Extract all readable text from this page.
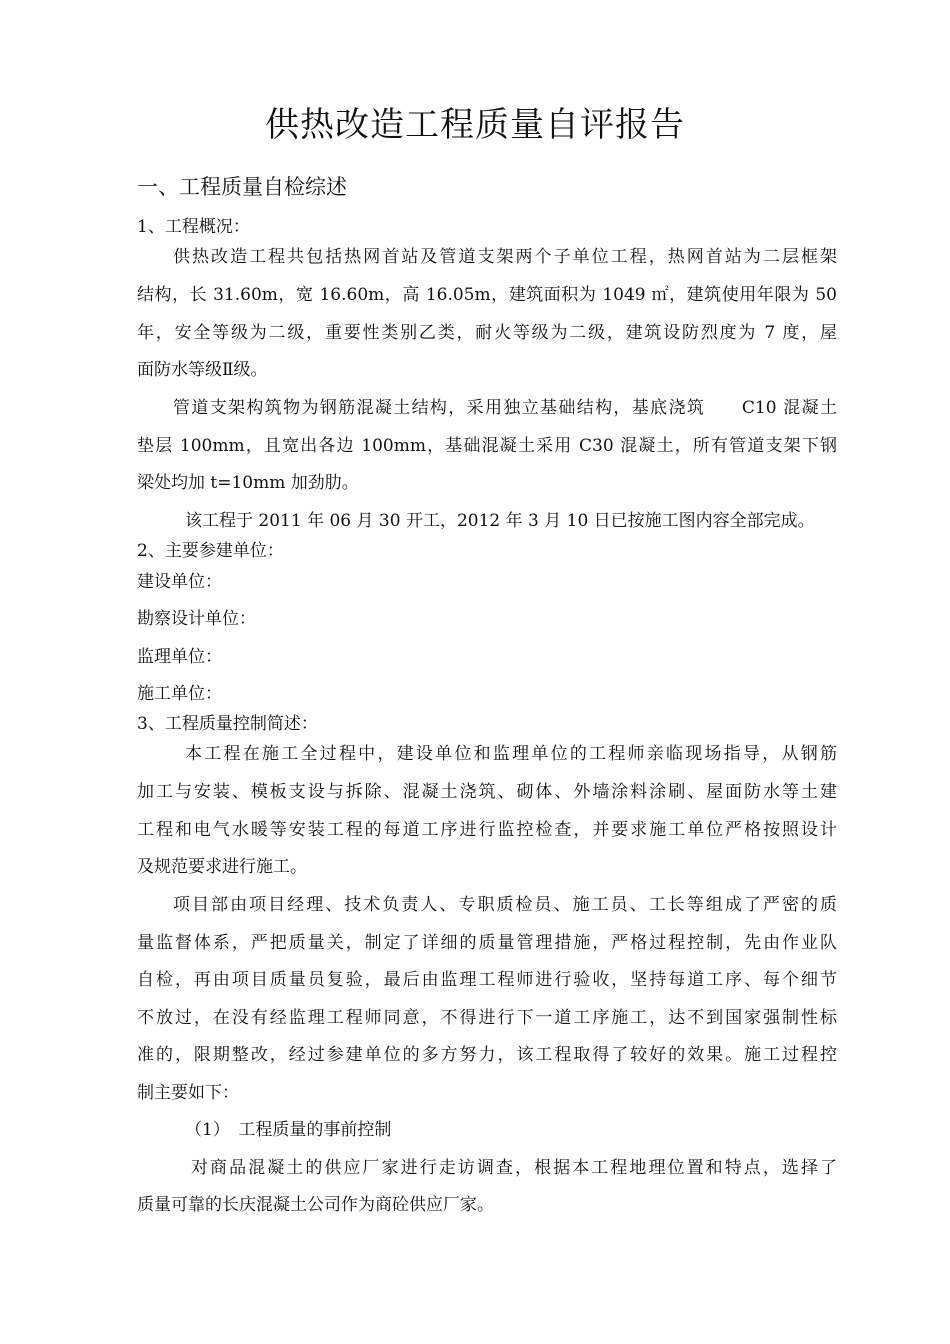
供热改造工程质量自评报告
一、工程质量自检综述
1、工程概况：
供热改造工程共包括热网首站及管道支架两个子单位工程，热网首站为二层框架
结构，长 31.60m，宽 16.60m，高 16.05m，建筑面积为 1049 ㎡，建筑使用年限为 50
年，安全等级为二级，重要性类别乙类，耐火等级为二级，建筑设防烈度为 7 度，屋
面防水等级Ⅱ级。
管道支架构筑物为钢筋混凝土结构，采用独立基础结构，基底浇筑　　C10 混凝土
垫层 100mm，且宽出各边 100mm，基础混凝土采用 C30 混凝土，所有管道支架下钢
梁处均加 t=10mm 加劲肋。
该工程于 2011 年 06 月 30 开工，2012 年 3 月 10 日已按施工图内容全部完成。
2、主要参建单位：
建设单位：
勘察设计单位：
监理单位：
施工单位：
3、工程质量控制简述：
本工程在施工全过程中，建设单位和监理单位的工程师亲临现场指导，从钢筋
加工与安装、模板支设与拆除、混凝土浇筑、砌体、外墙涂料涂刷、屋面防水等土建
工程和电气水暖等安装工程的每道工序进行监控检查，并要求施工单位严格按照设计
及规范要求进行施工。
项目部由项目经理、技术负责人、专职质检员、施工员、工长等组成了严密的质
量监督体系，严把质量关，制定了详细的质量管理措施，严格过程控制，先由作业队
自检，再由项目质量员复验，最后由监理工程师进行验收，坚持每道工序、每个细节
不放过，在没有经监理工程师同意，不得进行下一道工序施工，达不到国家强制性标
准的，限期整改，经过参建单位的多方努力，该工程取得了较好的效果。施工过程控
制主要如下：
（1）　工程质量的事前控制
对商品混凝土的供应厂家进行走访调查，根据本工程地理位置和特点，选择了
质量可靠的长庆混凝土公司作为商砼供应厂家。
